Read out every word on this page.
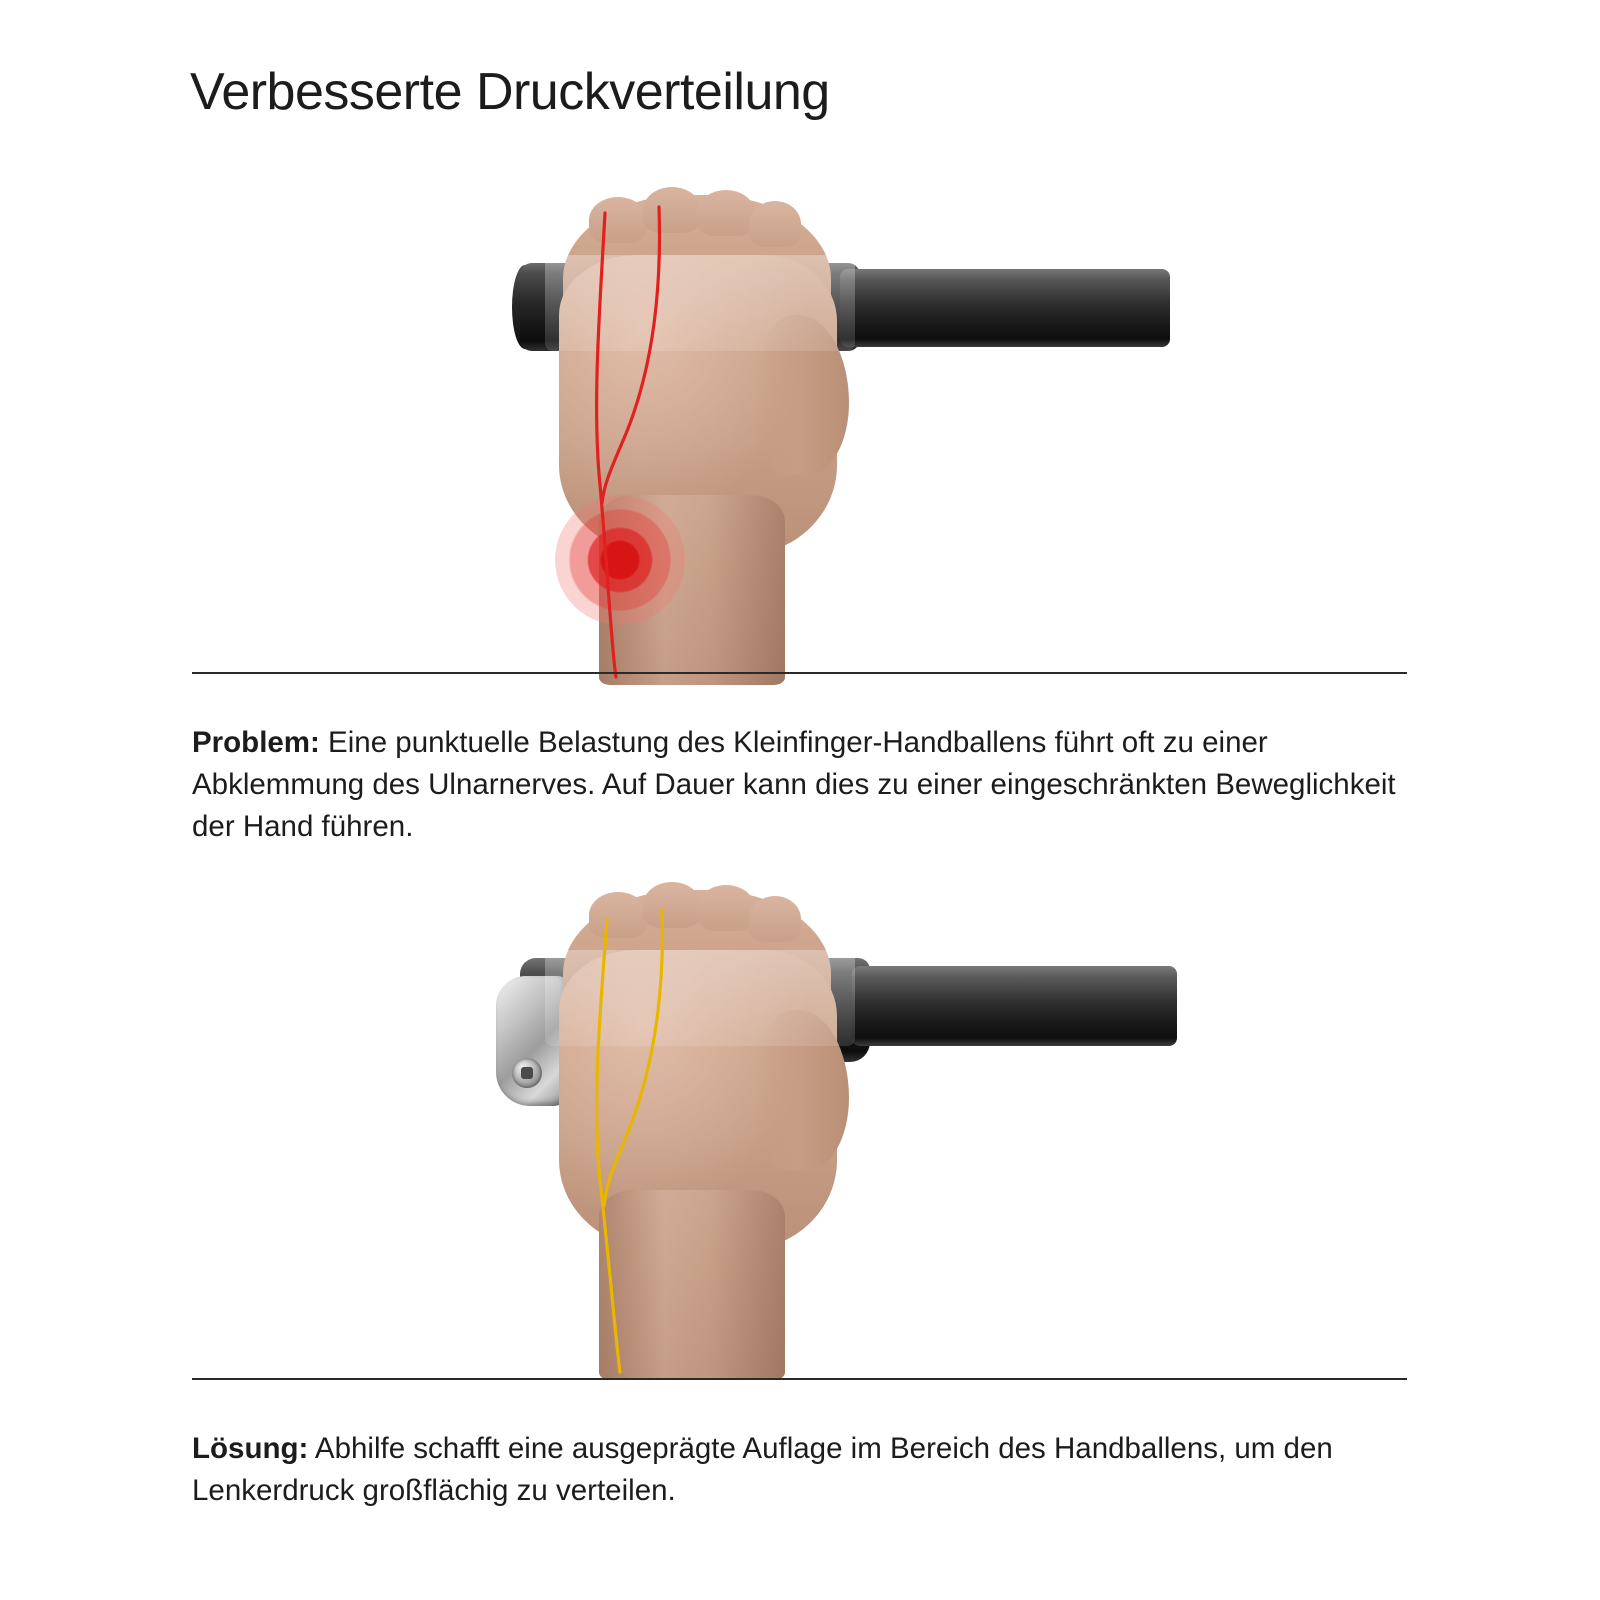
Verbesserte Druckverteilung
Problem: Eine punktuelle Belastung des Kleinfinger-Handballens führt oft zu einer Abklemmung des Ulnarnerves. Auf Dauer kann dies zu einer eingeschränkten Beweglichkeit der Hand führen.
Lösung: Abhilfe schafft eine ausgeprägte Auflage im Bereich des Handballens, um den Lenkerdruck großflächig zu verteilen.
